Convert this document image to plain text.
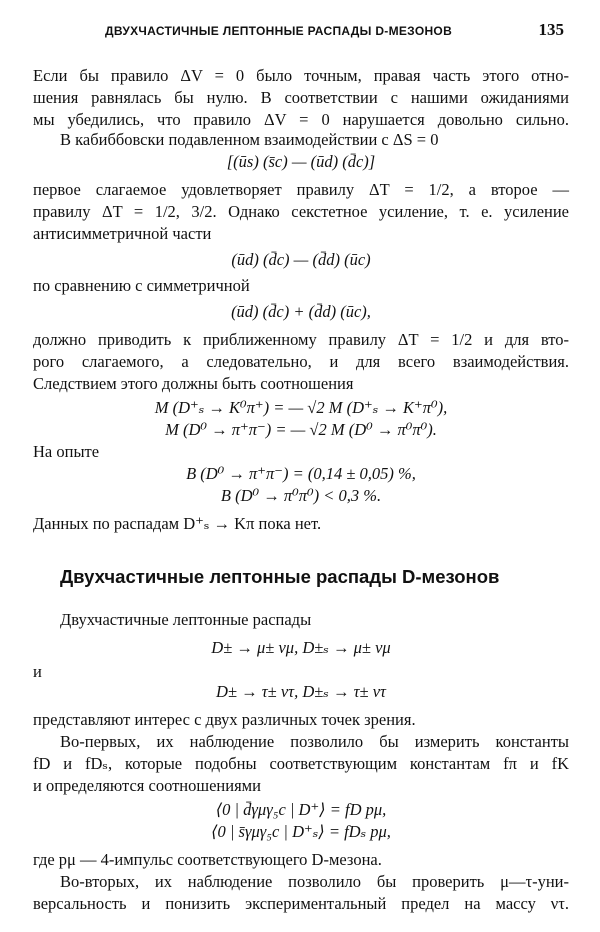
ДВУХЧАСТИЧНЫЕ ЛЕПТОННЫЕ РАСПАДЫ D-МЕЗОНОВ	135
Если бы правило ΔV = 0 было точным, правая часть этого отно-
шения равнялась бы нулю. В соответствии с нашими ожиданиями
мы убедились, что правило ΔV = 0 нарушается довольно сильно.
В кабиббовски подавленном взаимодействии с ΔS = 0
[(ūs) (s̄c) — (ūd) (d̄c)]
первое слагаемое удовлетворяет правилу ΔT = 1/2, а второе —
правилу ΔT = 1/2, 3/2. Однако секстетное усиление, т. е. усиление
антисимметричной части
(ūd) (d̄c) — (d̄d) (ūc)
по сравнению с симметричной
(ūd) (d̄c) + (d̄d) (ūc),
должно приводить к приближенному правилу ΔT = 1/2 и для вто-
рого слагаемого, а следовательно, и для всего взаимодействия.
Следствием этого должны быть соотношения
M (D⁺ₛ → K⁰π⁺) = — √2 M (D⁺ₛ → K⁺π⁰),
M (D⁰ → π⁺π⁻) = — √2 M (D⁰ → π⁰π⁰).
На опыте
B (D⁰ → π⁺π⁻) = (0,14 ± 0,05) %,
B (D⁰ → π⁰π⁰) < 0,3 %.
Данных по распадам D⁺ₛ → Kπ пока нет.
Двухчастичные лептонные распады D-мезонов
Двухчастичные лептонные распады
D± → μ± νμ, D±ₛ → μ± νμ
и
D± → τ± ντ, D±ₛ → τ± ντ
представляют интерес с двух различных точек зрения.
Во-первых, их наблюдение позволило бы измерить константы
fD и fDₛ, которые подобны соответствующим константам fπ и fK
и определяются соотношениями
⟨0 | d̄γμγ₅c | D⁺⟩ = fD pμ,
⟨0 | s̄γμγ₅c | D⁺ₛ⟩ = fDₛ pμ,
где pμ — 4-импульс соответствующего D-мезона.
Во-вторых, их наблюдение позволило бы проверить μ—τ-уни-
версальность и понизить экспериментальный предел на массу ντ.
